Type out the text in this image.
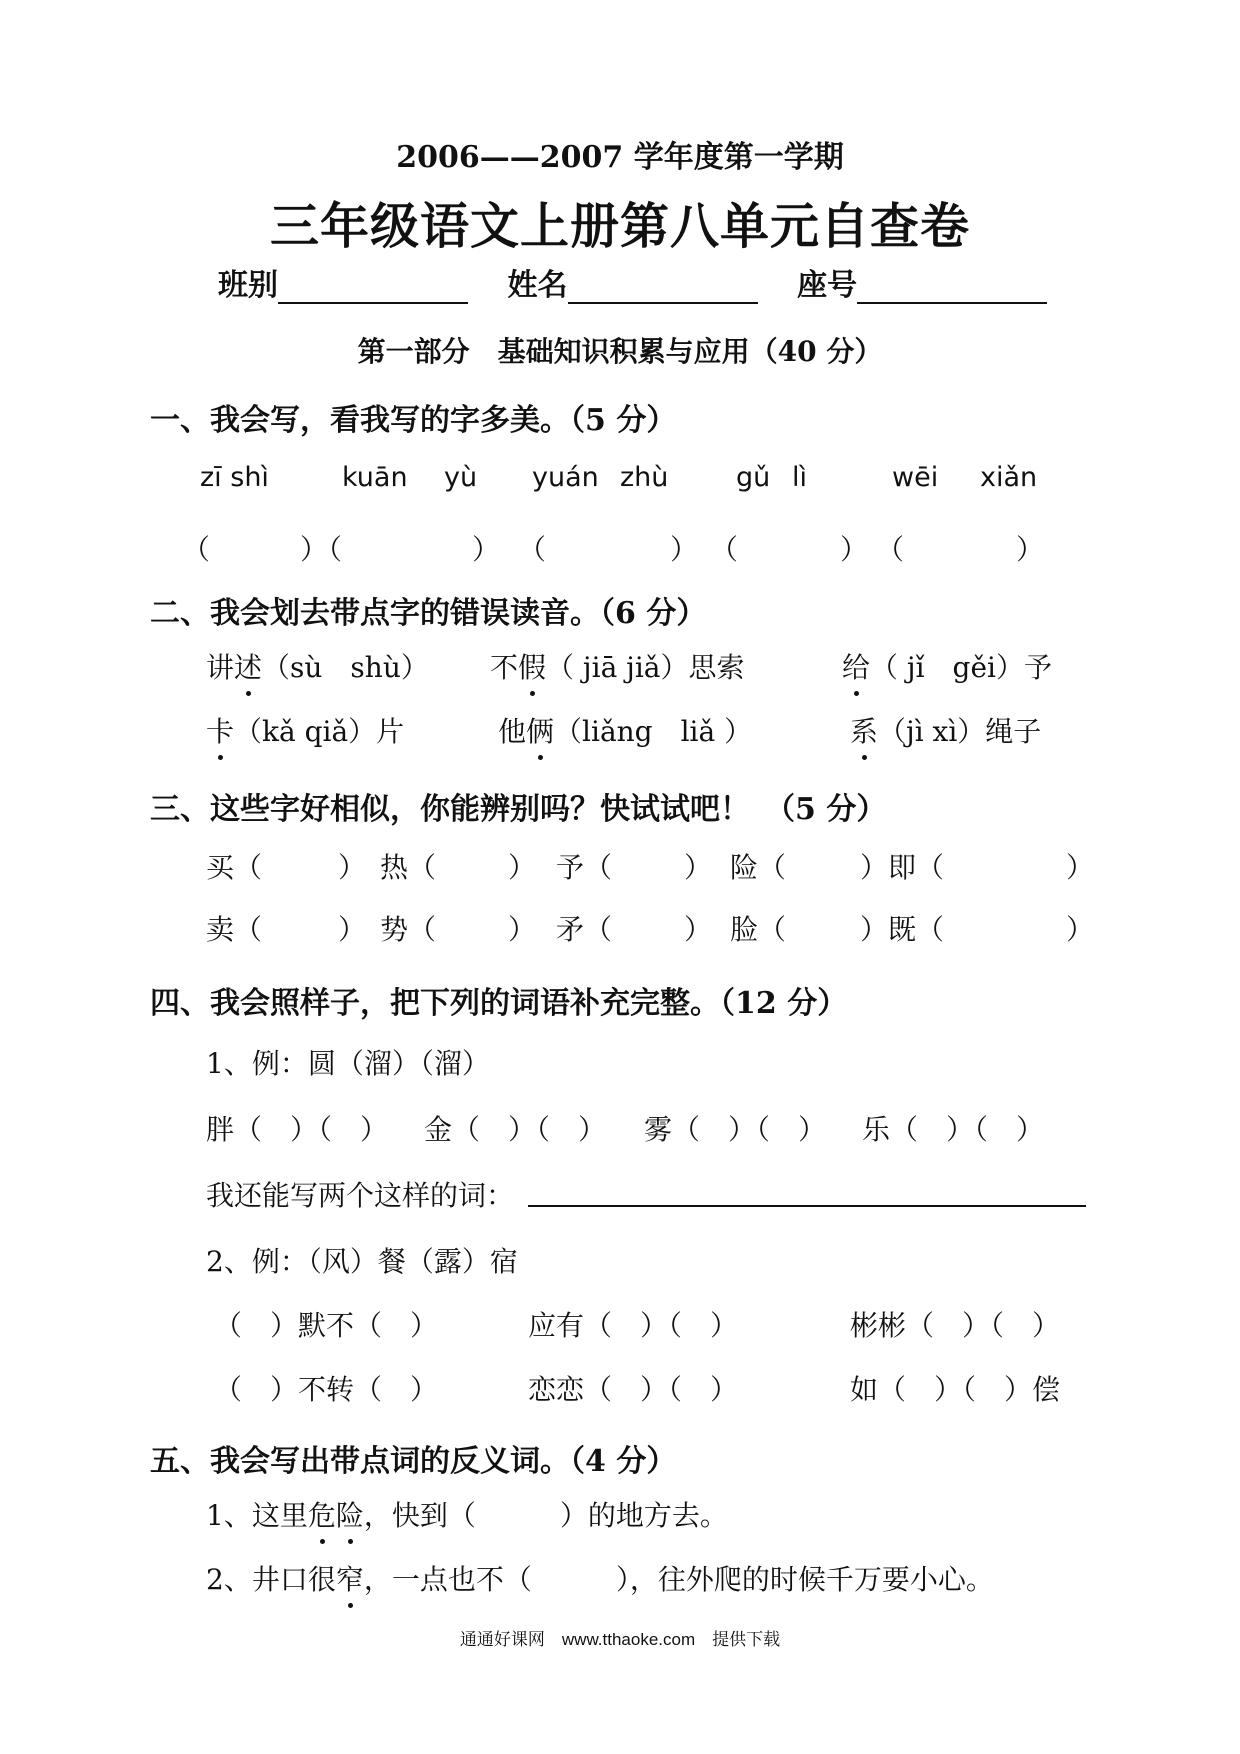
2006——2007 学年度第一学期
三年级语文上册第八单元自查卷
班别	姓名	座号
第一部分　基础知识积累与应用（40 分）
一、我会写，看我写的字多美。（5 分）
zī shì	kuān yù yuán zhù	gǔ lì	wēi xiǎn
（	）（	） （	） （	） （	）
二、我会划去带点字的错误读音。（6 分）
讲述（sù　shù） 不假（ jiā jiǎ）思索	给（ jǐ　gěi）予
卡（kǎ qiǎ）片	他俩（liǎng　liǎ ）	系（jì xì）绳子
三、这些字好相似，你能辨别吗？快试试吧！　（5 分）
买（	） 热（	） 予（	） 险（	）即（	）
卖（	） 势（	） 矛（	） 脸（	）既（	）
四、我会照样子，把下列的词语补充完整。（12 分）
1、例：圆（溜）（溜）
胖（　）（　） 金（　）（　） 雾（　）（　） 乐（　）（　）
我还能写两个这样的词：
2、例：（风）餐（露）宿
（　）默不（　）	应有（　）（　）	彬彬（　）（　）
（　）不转（　）	恋恋（　）（　）	如（　）（　）偿
五、我会写出带点词的反义词。（4 分）
1、这里危险，快到（　　　）的地方去。
2、井口很窄，一点也不（　　　），往外爬的时候千万要小心。
通通好课网　www.tthaoke.com　提供下载
